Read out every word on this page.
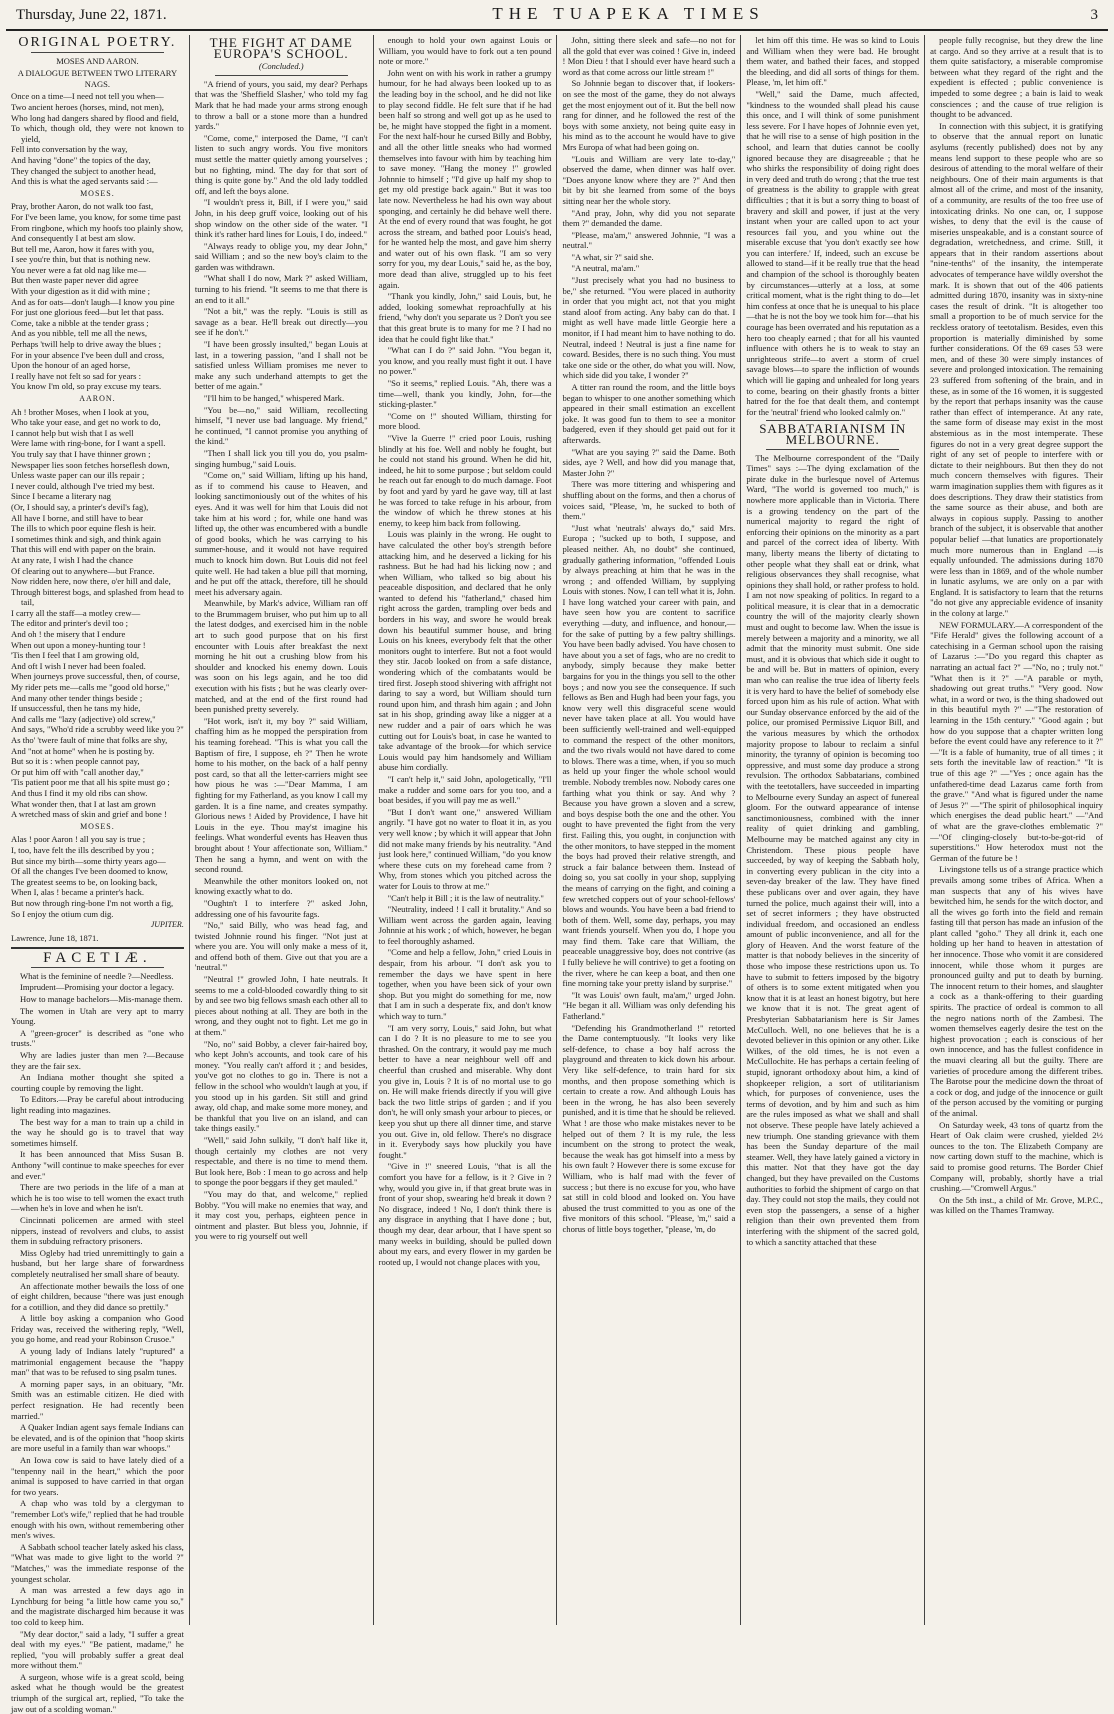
Thursday, June 22, 1871.	THE TUAPEKA TIMES	3
ORIGINAL POETRY.
MOSES AND AARON.
A DIALOGUE BETWEEN TWO LITERARY NAGS.

Once on a time—I need not tell you when—

Two ancient heroes (horses, mind, not men),

Who long had dangers shared by flood and field,

To which, though old, they were not known to yield,

Fell into conversation by the way,

And having "done" the topics of the day,

They changed the subject to another head,

And this is what the aged servants said :—

MOSES.

Pray, brother Aaron, do not walk too fast,

For I've been lame, you know, for some time past

From ringbone, which my hoofs too plainly show,

And consequently I at best am slow.

But tell me, Aaron, how it fares with you,

I see you're thin, but that is nothing new.

You never were a fat old nag like me—

But then waste paper never did agree

With your digestion as it did with mine ;

And as for oats—don't laugh—I know you pine

For just one glorious feed—but let that pass.

Come, take a nibble at the tender grass ;

And as you nibble, tell me all the news,

Perhaps 'twill help to drive away the blues ;

For in your absence I've been dull and cross,

Upon the honour of an aged horse,

I really have not felt so sad for years :

You know I'm old, so pray excuse my tears.

AARON.

Ah ! brother Moses, when I look at you,

Who take your ease, and get no work to do,

I cannot help but wish that I as well

Were lame with ring-bone, for I want a spell.

You truly say that I have thinner grown ;

Newspaper lies soon fetches horseflesh down,

Unless waste paper can our ills repair ;

I never could, although I've tried my best.

Since I became a literary nag

(Or, I should say, a printer's devil's fag),

All have I borne, and still have to bear

The ills to which poor equine flesh is heir.

I sometimes think and sigh, and think again

That this will end with paper on the brain.

At any rate, I wish I had the chance

Of clearing out to anywhere—but France.

Now ridden here, now there, o'er hill and dale,

Through bitterest bogs, and splashed from head to tail,

I carry all the staff—a motley crew—

The editor and printer's devil too ;

And oh ! the misery that I endure

When out upon a money-hunting tour !

'Tis then I feel that I am growing old,

And oft I wish I never had been foaled.

When journeys prove successful, then, of course,

My rider pets me—calls me "good old horse,"

And many other tender things beside ;

If unsuccessful, then he tans my hide,

And calls me "lazy (adjective) old screw,"

And says, "Who'd ride a scrubby weed like you ?"

As tho' 'twere fault of mine that folks are shy,

And "not at home" when he is posting by.

But so it is : when people cannot pay,

Or put him off with "call another day,"

'Tis patient poor me that all his spite must go ;

And thus I find it my old ribs can show.

What wonder then, that I at last am grown

A wretched mass of skin and grief and bone !

MOSES.

Alas ! poor Aaron ! all you say is true ;

I, too, have felt the ills described by you ;

But since my birth—some thirty years ago—

Of all the changes I've been doomed to know,

The greatest seems to be, on looking back,

When I, alas ! became a printer's hack.

But now through ring-bone I'm not worth a fig,

So I enjoy the otium cum dig.

JUPITER.
Lawrence, June 18, 1871.
FACETIÆ.

What is the feminine of needle ?—Needless.

Imprudent—Promising your doctor a legacy.

How to manage bachelors—Mis-manage them.

The women in Utah are very apt to marry Young.

A "green-grocer" is described as "one who trusts."

Why are ladies juster than men ?—Because they are the fair sex.

An Indiana mother thought she spited a courting couple by removing the light.

To Editors.—Pray be careful about introducing light reading into magazines.

The best way for a man to train up a child in the way he should go is to travel that way sometimes himself.

It has been announced that Miss Susan B. Anthony "will continue to make speeches for ever and ever."

There are two periods in the life of a man at which he is too wise to tell women the exact truth—when he's in love and when he isn't.

Cincinnati policemen are armed with steel nippers, instead of revolvers and clubs, to assist them in subduing refractory prisoners.

Miss Ogleby had tried unremittingly to gain a husband, but her large share of forwardness completely neutralised her small share of beauty.

An affectionate mother bewails the loss of one of eight children, because "there was just enough for a cotillion, and they did dance so prettily."

A little boy asking a companion who Good Friday was, received the withering reply, "Well, you go home, and read your Robinson Crusoe."

A young lady of Indians lately "ruptured" a matrimonial engagement because the "happy man" that was to be refused to sing psalm tunes.

A morning paper says, in an obituary, "Mr. Smith was an estimable citizen. He died with perfect resignation. He had recently been married."

A Quaker Indian agent says female Indians can be elevated, and is of the opinion that "hoop skirts are more useful in a family than war whoops."

An Iowa cow is said to have lately died of a "tenpenny nail in the heart," which the poor animal is supposed to have carried in that organ for two years.

A chap who was told by a clergyman to "remember Lot's wife," replied that he had trouble enough with his own, without remembering other men's wives.

A Sabbath school teacher lately asked his class, "What was made to give light to the world ?" "Matches," was the immediate response of the youngest scholar.

A man was arrested a few days ago in Lynchburg for being "a little how came you so," and the magistrate discharged him because it was too cold to keep him.

"My dear doctor," said a lady, "I suffer a great deal with my eyes." "Be patient, madame," he replied, "you will probably suffer a great deal more without them."

A surgeon, whose wife is a great scold, being asked what he though would be the greatest triumph of the surgical art, replied, "To take the jaw out of a scolding woman."

THE FIGHT AT DAME EUROPA'S SCHOOL.
(Concluded.)

"A friend of yours, you said, my dear? Perhaps that was the 'Sheffield Slasher,' who told my fag Mark that he had made your arms strong enough to throw a ball or a stone more than a hundred yards."

"Come, come," interposed the Dame, "I can't listen to such angry words. You five monitors must settle the matter quietly among yourselves ; but no fighting, mind. The day for that sort of thing is quite gone by." And the old lady toddled off, and left the boys alone.

"I wouldn't press it, Bill, if I were you," said John, in his deep gruff voice, looking out of his shop window on the other side of the water. "I think it's rather hard lines for Louis, I do, indeed."

"Always ready to oblige you, my dear John," said William ; and so the new boy's claim to the garden was withdrawn.

"What shall I do now, Mark ?" asked William, turning to his friend. "It seems to me that there is an end to it all."

"Not a bit," was the reply. "Louis is still as savage as a bear. He'll break out directly—you see if he don't."

"I have been grossly insulted," began Louis at last, in a towering passion, "and I shall not be satisfied unless William promises me never to make any such underhand attempts to get the better of me again."

"I'll him to be hanged," whispered Mark.

"You be—no," said William, recollecting himself, "I never use bad language. My friend," he continued, "I cannot promise you anything of the kind."

"Then I shall lick you till you do, you psalm-singing humbug," said Louis.

"Come on," said William, lifting up his hand, as if to commend his cause to Heaven, and looking sanctimoniously out of the whites of his eyes. And it was well for him that Louis did not take him at his word ; for, while one hand was lifted up, the other was encumbered with a bundle of good books, which he was carrying to his summer-house, and it would not have required much to knock him down. But Louis did not feel quite well. He had taken a blue pill that morning, and he put off the attack, therefore, till he should meet his adversary again.

Meanwhile, by Mark's advice, William ran off to the Brummagem bruiser, who put him up to all the latest dodges, and exercised him in the noble art to such good purpose that on his first encounter with Louis after breakfast the next morning he hit out a crushing blow from his shoulder and knocked his enemy down. Louis was soon on his legs again, and he too did execution with his fists ; but he was clearly over-matched, and at the end of the first round had been punished pretty severely.

"Hot work, isn't it, my boy ?" said William, chaffing him as he mopped the perspiration from his teaming forehead. "This is what you call the Baptism of fire, I suppose, eh ?" Then he wrote home to his mother, on the back of a half penny post card, so that all the letter-carriers might see how pious he was :—"Dear Mamma, I am fighting for my Fatherland, as you know I call my garden. It is a fine name, and creates sympathy. Glorious news ! Aided by Providence, I have hit Louis in the eye. Thou may'st imagine his feelings. What wonderful events has Heaven thus brought about ! Your affectionate son, William." Then he sang a hymn, and went on with the second round.

Meanwhile the other monitors looked on, not knowing exactly what to do.

"Oughtn't I to interfere ?" asked John, addressing one of his favourite fags.

"No," said Billy, who was head fag, and twisted Johnnie round his finger. "Not just at where you are. You will only make a mess of it, and offend both of them. Give out that you are a 'neutral.'"

"Neutral !" growled John, I hate neutrals. It seems to me a cold-blooded cowardly thing to sit by and see two big fellows smash each other all to pieces about nothing at all. They are both in the wrong, and they ought not to fight. Let me go in at them."

"No, no" said Bobby, a clever fair-haired boy, who kept John's accounts, and took care of his money. "You really can't afford it ; and besides, you've got no clothes to go in. There is not a fellow in the school who wouldn't laugh at you, if you stood up in his garden. Sit still and grind away, old chap, and make some more money, and be thankful that you live on an island, and can take things easily."

"Well," said John sulkily, "I don't half like it, though certainly my clothes are not very respectable, and there is no time to mend them. But look here, Bob : I mean to go across and help to sponge the poor beggars if they get mauled."

"You may do that, and welcome," replied Bobby. "You will make no enemies that way, and it may cost you, perhaps, eighteen pence in ointment and plaster. But bless you, Johnnie, if you were to rig yourself out well

enough to hold your own against Louis or William, you would have to fork out a ten pound note or more."

John went on with his work in rather a grumpy humour, for he had always been looked up to as the leading boy in the school, and he did not like to play second fiddle. He felt sure that if he had been half so strong and well got up as he used to be, he might have stopped the fight in a moment. For the next half-hour he cursed Billy and Bobby, and all the other little sneaks who had wormed themselves into favour with him by teaching him to save money. "Hang the money !" growled Johnnie to himself ; "I'd give up half my shop to get my old prestige back again." But it was too late now. Nevertheless he had his own way about sponging, and certainly he did behave well there. At the end of every round that was fought, he got across the stream, and bathed poor Louis's head, for he wanted help the most, and gave him sherry and water out of his own flask. "I am so very sorry for you, my dear Louis," said he, as the boy, more dead than alive, struggled up to his feet again.

"Thank you kindly, John," said Louis, but, he added, looking somewhat reproachfully at his friend, "why don't you separate us ? Don't you see that this great brute is to many for me ? I had no idea that he could fight like that."

"What can I do ?" said John. "You began it, you know, and you really must fight it out. I have no power."

"So it seems," replied Louis. "Ah, there was a time—well, thank you kindly, John, for—the sticking-plaster."

"Come on !" shouted William, thirsting for more blood.

"Vive la Guerre !" cried poor Louis, rushing blindly at his foe. Well and nobly he fought, but he could not stand his ground. When he did hit, indeed, he hit to some purpose ; but seldom could he reach out far enough to do much damage. Foot by foot and yard by yard he gave way, till at last he was forced to take refuge in his arbour, from the window of which he threw stones at his enemy, to keep him back from following.

Louis was plainly in the wrong. He ought to have calculated the other boy's strength before attacking him, and he deserved a licking for his rashness. But he had had his licking now ; and when William, who talked so big about his peaceable disposition, and declared that he only wanted to defend his "fatherland," chased him right across the garden, trampling over beds and borders in his way, and swore he would break down his beautiful summer house, and bring Louis on his knees, everybody felt that the other monitors ought to interfere. But not a foot would they stir. Jacob looked on from a safe distance, wondering which of the combatants would be tired first. Joseph stood shivering with affright not daring to say a word, but William should turn round upon him, and thrash him again ; and John sat in his shop, grinding away like a nigger at a new rudder and a pair of oars which he was cutting out for Louis's boat, in case he wanted to take advantage of the brook—for which service Louis would pay him handsomely and William abuse him cordially.

"I can't help it," said John, apologetically, "I'll make a rudder and some oars for you too, and a boat besides, if you will pay me as well."

"But I don't want one," answered William angrily. "I have got no water to float it in, as you very well know ; by which it will appear that John did not make many friends by his neutrality. "And just look here," continued William, "do you know where these cuts on my forehead came from ? Why, from stones which you pitched across the water for Louis to throw at me."

"Can't help it Bill ; it is the law of neutrality."

"Neutrality, indeed ! I call it brutality." And so William went across the garden again, leaving Johnnie at his work ; of which, however, he began to feel thoroughly ashamed.

"Come and help a fellow, John," cried Louis in despair, from his arbour. "I don't ask you to remember the days we have spent in here together, when you have been sick of your own shop. But you might do something for me, now that I am in such a desperate fix, and don't know which way to turn."

"I am very sorry, Louis," said John, but what can I do ? It is no pleasure to me to see you thrashed. On the contrary, it would pay me much better to have a near neighbour well off and cheerful than crushed and miserable. Why dont you give in, Louis ? It is of no mortal use to go on. He will make friends directly if you will give back the two little strips of garden ; and if you don't, he will only smash your arbour to pieces, or keep you shut up there all dinner time, and starve you out. Give in, old fellow. There's no disgrace in it. Everybody says how pluckily you have fought."

"Give in !" sneered Louis, "that is all the comfort you have for a fellow, is it ? Give in ? why, would you give in, if that great brute was in front of your shop, swearing he'd break it down ? No disgrace, indeed ! No, I don't think there is any disgrace in anything that I have done ; but, though my dear, dear arbour, that I have spent so many weeks in building, should be pulled down about my ears, and every flower in my garden be rooted up, I would not change places with you,

John, sitting there sleek and safe—no not for all the gold that ever was coined ! Give in, indeed ! Mon Dieu ! that I should ever have heard such a word as that come across our little stream !"

So Johnnie began to discover that, if lookers-on see the most of the game, they do not always get the most enjoyment out of it. But the bell now rang for dinner, and he followed the rest of the boys with some anxiety, not being quite easy in his mind as to the account he would have to give Mrs Europa of what had been going on.

"Louis and William are very late to-day," observed the dame, when dinner was half over. "Does anyone know where they are ?" And then bit by bit she learned from some of the boys sitting near her the whole story.

"And pray, John, why did you not separate them ?" demanded the dame.

"Please, ma'am," answered Johnnie, "I was a neutral."

"A what, sir ?" said she.

"A neutral, ma'am."

"Just precisely what you had no business to be," she returned. "You were placed in authority in order that you might act, not that you might stand aloof from acting. Any baby can do that. I might as well have made little Georgie here a monitor, if I had meant him to have nothing to do. Neutral, indeed ! Neutral is just a fine name for coward. Besides, there is no such thing. You must take one side or the other, do what you will. Now, which side did you take, I wonder ?"

A titter ran round the room, and the little boys began to whisper to one another something which appeared in their small estimation an excellent joke. It was good fun to them to see a monitor badgered, even if they should get paid out for it afterwards.

"What are you saying ?" said the Dame. Both sides, aye ? Well, and how did you manage that, Master John ?"

There was more tittering and whispering and shuffling about on the forms, and then a chorus of voices said, "Please, 'm, he sucked to both of them."

"Just what 'neutrals' always do," said Mrs. Europa ; "sucked up to both, I suppose, and pleased neither. Ah, no doubt" she continued, gradually gathering information, "offended Louis by always preaching at him that he was in the wrong ; and offended William, by supplying Louis with stones. Now, I can tell what it is, John. I have long watched your career with pain, and have seen how you are content to sacrifice everything —duty, and influence, and honour,—for the sake of putting by a few paltry shillings. You have been badly advised. You have chosen to have about you a set of fags, who are no credit to anybody, simply because they make better bargains for you in the things you sell to the other boys ; and now you see the consequence. If such fellows as Ben and Hugh had been your fags, you know very well this disgraceful scene would never have taken place at all. You would have been sufficiently well-trained and well-equipped to command the respect of the other monitors, and the two rivals would not have dared to come to blows. There was a time, when, if you so much as held up your finger the whole school would tremble. Nobody trembles now. Nobody cares one farthing what you think or say. And why ? Because you have grown a sloven and a screw, and boys despise both the one and the other. You ought to have prevented the fight from the very first. Failing this, you ought, in conjunction with the other monitors, to have stepped in the moment the boys had proved their relative strength, and struck a fair balance between them. Instead of doing so, you sat coolly in your shop, supplying the means of carrying on the fight, and coining a few wretched coppers out of your school-fellows' blows and wounds. You have been a bad friend to both of them. Well, some day, perhaps, you may want friends yourself. When you do, I hope you may find them. Take care that William, the peaceable unaggressive boy, does not contrive (as I fully believe he will contrive) to get a footing on the river, where he can keep a boat, and then one fine morning take your pretty island by surprise."

"It was Louis' own fault, ma'am," urged John. "He began it all. William was only defending his Fatherland."

"Defending his Grandmotherland !" retorted the Dame contemptuously. "It looks very like self-defence, to chase a boy half across the playground and threaten to kick down his arbour. Very like self-defence, to train hard for six months, and then propose something which is certain to create a row. And although Louis has been in the wrong, he has also been severely punished, and it is time that he should be relieved. What ! are those who make mistakes never to be helped out of them ? It is my rule, the less incumbent on the strong to protect the weak, because the weak has got himself into a mess by his own fault ? However there is some excuse for William, who is half mad with the fever of success ; but there is no excuse for you, who have sat still in cold blood and looked on. You have abused the trust committed to you as one of the five monitors of this school. "Please, 'm," said a chorus of little boys together, "please, 'm, do

let him off this time. He was so kind to Louis and William when they were bad. He brought them water, and bathed their faces, and stopped the bleeding, and did all sorts of things for them. Please, 'm, let him off."

"Well," said the Dame, much affected, "kindness to the wounded shall plead his cause this once, and I will think of some punishment less severe. For I have hopes of Johnnie even yet, that he will rise to a sense of high position in the school, and learn that duties cannot be coolly ignored because they are disagreeable ; that he who shirks the responsibility of doing right does in very deed and truth do wrong ; that the true test of greatness is the ability to grapple with great difficulties ; that it is but a sorry thing to boast of bravery and skill and power, if just at the very instant when your are called upon to act your resources fail you, and you whine out the miserable excuse that 'you don't exactly see how you can interfere.' If, indeed, such an excuse be allowed to stand—if it be really true that the head and champion of the school is thoroughly beaten by circumstances—utterly at a loss, at some critical moment, what is the right thing to do—let him confess at once that he is unequal to his place—that he is not the boy we took him for—that his courage has been overrated and his reputation as a hero too cheaply earned ; that for all his vaunted influence with others he is to weak to stay an unrighteous strife—to avert a storm of cruel savage blows—to spare the infliction of wounds which will lie gaping and unhealed for long years to come, bearing on their ghastly fronts a bitter hatred for the foe that dealt them, and contempt for the 'neutral' friend who looked calmly on."

SABBATARIANISM IN MELBOURNE.

The Melbourne correspondent of the "Daily Times" says :—The dying exclamation of the pirate duke in the burlesque novel of Artemus Ward, "The world is governed too much," is nowhere more applicable than in Victoria. There is a growing tendency on the part of the numerical majority to regard the right of enforcing their opinions on the minority as a part and parcel of the correct idea of liberty. With many, liberty means the liberty of dictating to other people what they shall eat or drink, what religious observances they shall recognise, what opinions they shall hold, or rather profess to hold. I am not now speaking of politics. In regard to a political measure, it is clear that in a democratic country the will of the majority clearly shown must and ought to become law. When the issue is merely between a majority and a minority, we all admit that the minority must submit. One side must, and it is obvious that which side it ought to be and will be. But in matters of opinion, every man who can realise the true idea of liberty feels it is very hard to have the belief of somebody else forced upon him as his rule of action. What with our Sunday observance enforced by the aid of the police, our promised Permissive Liquor Bill, and the various measures by which the orthodox majority propose to labour to reclaim a sinful minority, the tyranny of opinion is becoming too oppressive, and must some day produce a strong revulsion. The orthodox Sabbatarians, combined with the teetotallers, have succeeded in imparting to Melbourne every Sunday an aspect of funereal gloom. For the outward appearance of intense sanctimoniousness, combined with the inner reality of quiet drinking and gambling, Melbourne may be matched against any city in Christendom. These pious people have succeeded, by way of keeping the Sabbath holy, in converting every publican in the city into a seven-day breaker of the law. They have fined these publicans over and over again, they have turned the police, much against their will, into a set of secret informers ; they have obstructed individual freedom, and occasioned an endless amount of public inconvenience, and all for the glory of Heaven. And the worst feature of the matter is that nobody believes in the sincerity of those who impose these restrictions upon us. To have to submit to fetters imposed by the bigotry of others is to some extent mitigated when you know that it is at least an honest bigotry, but here we know that it is not. The great agent of Presbyterian Sabbatarianism here is Sir James McCulloch. Well, no one believes that he is a devoted believer in this opinion or any other. Like Wilkes, of the old times, he is not even a McCullochite. He has perhaps a certain feeling of stupid, ignorant orthodoxy about him, a kind of shopkeeper religion, a sort of utilitarianism which, for purposes of convenience, uses the terms of devotion, and by him and such as him are the rules imposed as what we shall and shall not observe. These people have lately achieved a new triumph. One standing grievance with them has been the Sunday departure of the mail steamer. Well, they have lately gained a victory in this matter. Not that they have got the day changed, but they have prevailed on the Customs authorities to forbid the shipment of cargo on that day. They could not stop the mails, they could not even stop the passengers, a sense of a higher religion than their own prevented them from interfering with the shipment of the sacred gold, to which a sanctity attached that these

people fully recognise, but they drew the line at cargo. And so they arrive at a result that is to them quite satisfactory, a miserable compromise between what they regard of the right and the expedient is effected ; public convenience is impeded to some degree ; a bain is laid to weak consciences ; and the cause of true religion is thought to be advanced.

In connection with this subject, it is gratifying to observe that the annual report on lunatic asylums (recently published) does not by any means lend support to these people who are so desirous of attending to the moral welfare of their neighbours. One of their main arguments is that almost all of the crime, and most of the insanity, of a community, are results of the too free use of intoxicating drinks. No one can, or, I suppose wishes, to deny that the evil is the cause of miseries unspeakable, and is a constant source of degradation, wretchedness, and crime. Still, it appears that in their random assertions about "nine-tenths" of the insanity, the intemperate advocates of temperance have wildly overshot the mark. It is shown that out of the 406 patients admitted during 1870, insanity was in sixty-nine cases the result of drink. "It is altogether too small a proportion to be of much service for the reckless oratory of teetotalism. Besides, even this proportion is materially diminished by some further considerations. Of the 69 cases 53 were men, and of these 30 were simply instances of severe and prolonged intoxication. The remaining 23 suffered from softening of the brain, and in these, as in some of the 16 women, it is suggested by the report that perhaps insanity was the cause rather than effect of intemperance. At any rate, the same form of disease may exist in the most abstemious as in the most intemperate. These figures do not in a very great degree support the right of any set of people to interfere with or dictate to their neighbours. But then they do not much concern themselves with figures. Their warm imagination supplies them with figures as it does descriptions. They draw their statistics from the same source as their abuse, and both are always in copious supply. Passing to another branch of the subject, it is observable that another popular belief —that lunatics are proportionately much more numerous than in England —is equally unfounded. The admissions during 1870 were less than in 1869, and of the whole number in lunatic asylums, we are only on a par with England. It is satisfactory to learn that the returns "do not give any appreciable evidence of insanity in the colony at large."

NEW FORMULARY.—A correspondent of the "Fife Herald" gives the following account of a catechising in a German school upon the raising of Lazarus :—"Do you regard this chapter as narrating an actual fact ?" —"No, no ; truly not." "What then is it ?" —"A parable or myth, shadowing out great truths." "Very good. Now what, in a word or two, is the thing shadowed out in this beautiful myth ?" —"The restoration of learning in the 15th century." "Good again ; but how do you suppose that a chapter written long before the event could have any reference to it ?" —"It is a fable of humanity, true of all times ; it sets forth the inevitable law of reaction." "It is true of this age ?" —"Yes ; once again has the unfathered-time dead Lazarus came forth from the grave." "And what is figured under the name of Jesus ?" —"The spirit of philosophical inquiry which energises the dead public heart." —"And of what are the grave-clothes emblematic ?" —"Of clinging-closely but-to-be-got-rid of superstitions." How heterodox must not the German of the future be !

Livingstone tells us of a strange practice which prevails among some tribes of Africa. When a man suspects that any of his wives have bewitched him, he sends for the witch doctor, and all the wives go forth into the field and remain fasting till that person has made an infusion of the plant called "goho." They all drink it, each one holding up her hand to heaven in attestation of her innocence. Those who vomit it are considered innocent, while those whom it purges are pronounced guilty and put to death by burning. The innocent return to their homes, and slaughter a cock as a thank-offering to their guarding spirits. The practice of ordeal is common to all the negro nations north of the Zambesi. The women themselves eagerly desire the test on the highest provocation ; each is conscious of her own innocence, and has the fullest confidence in the muavi clearing all but the guilty. There are varieties of procedure among the different tribes. The Barotse pour the medicine down the throat of a cock or dog, and judge of the innocence or guilt of the person accused by the vomiting or purging of the animal.

On Saturday week, 43 tons of quartz from the Heart of Oak claim were crushed, yielded 2½ ounces to the ton. The Elizabeth Company are now carting down stuff to the machine, which is said to promise good returns. The Border Chief Company will, probably, shortly have a trial crushing.—"Cromwell Argus."

On the 5th inst., a child of Mr. Grove, M.P.C., was killed on the Thames Tramway.
